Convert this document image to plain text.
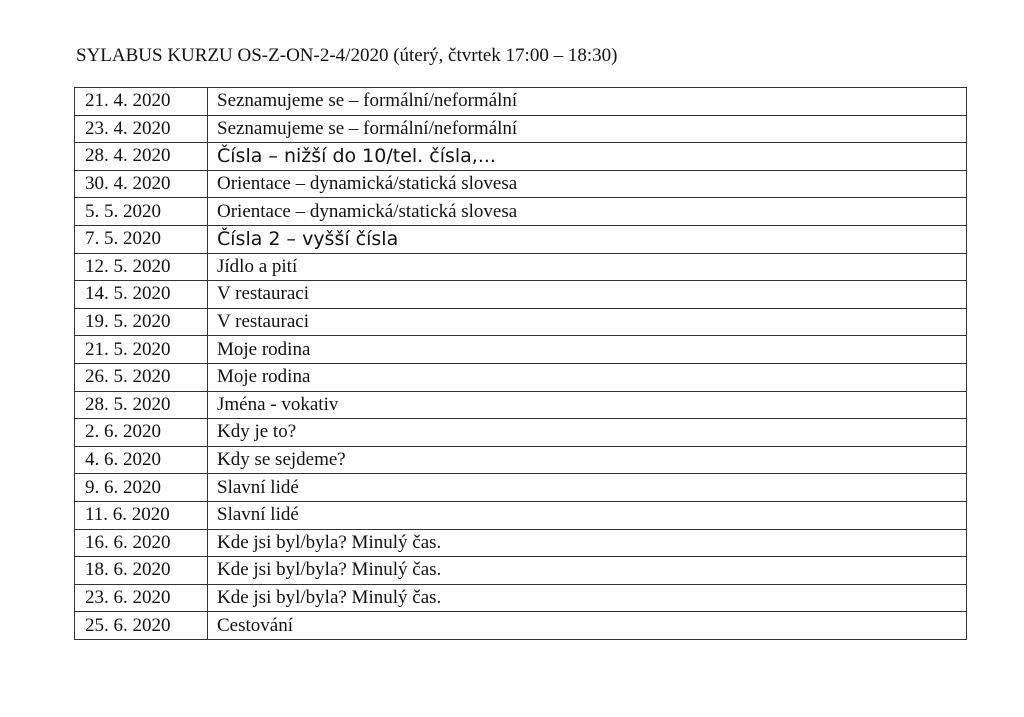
SYLABUS KURZU OS-Z-ON-2-4/2020 (úterý, čtvrtek 17:00 – 18:30)
21. 4. 2020	Seznamujeme se – formální/neformální
23. 4. 2020	Seznamujeme se – formální/neformální
28. 4. 2020	Čísla – nižší do 10/tel. čísla,...
30. 4. 2020	Orientace – dynamická/statická slovesa
5. 5. 2020	Orientace – dynamická/statická slovesa
7. 5. 2020	Čísla 2 – vyšší čísla
12. 5. 2020	Jídlo a pití
14. 5. 2020	V restauraci
19. 5. 2020	V restauraci
21. 5. 2020	Moje rodina
26. 5. 2020	Moje rodina
28. 5. 2020	Jména - vokativ
2. 6. 2020	Kdy je to?
4. 6. 2020	Kdy se sejdeme?
9. 6. 2020	Slavní lidé
11. 6. 2020	Slavní lidé
16. 6. 2020	Kde jsi byl/byla? Minulý čas.
18. 6. 2020	Kde jsi byl/byla? Minulý čas.
23. 6. 2020	Kde jsi byl/byla? Minulý čas.
25. 6. 2020	Cestování
